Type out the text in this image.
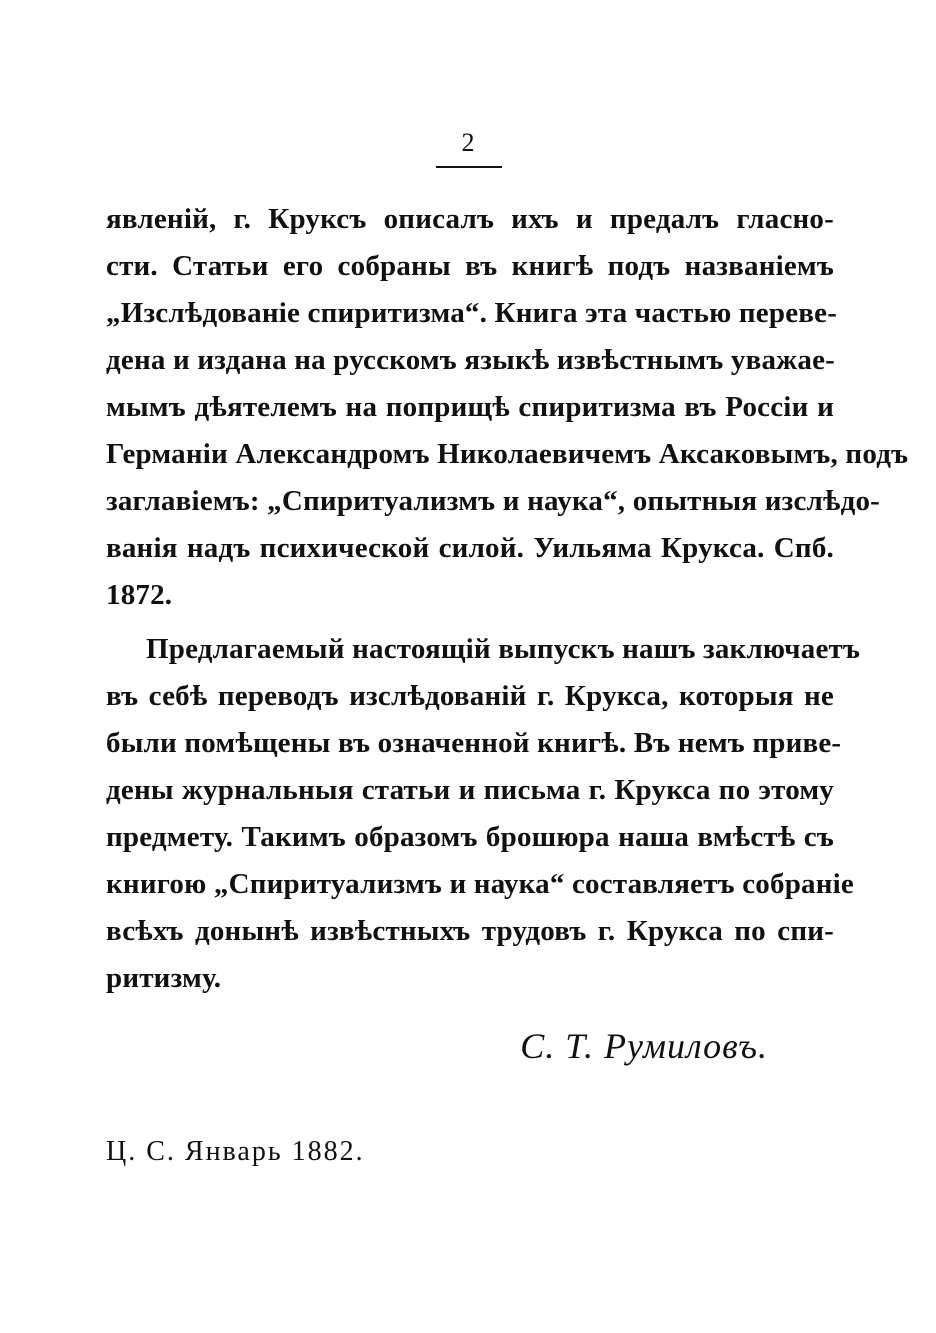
2
явленій, г. Круксъ описалъ ихъ и предалъ гласно-
сти. Статьи его собраны въ книгѣ подъ названіемъ
„Изслѣдованіе спиритизма“. Книга эта частью переве-
дена и издана на русскомъ языкѣ извѣстнымъ уважае-
мымъ дѣятелемъ на поприщѣ спиритизма въ Россіи и
Германіи Александромъ Николаевичемъ Аксаковымъ, подъ
заглавіемъ: „Спиритуализмъ и наука“, опытныя изслѣдо-
ванія надъ психической силой. Уильяма Крукса. Спб.
1872.
Предлагаемый настоящій выпускъ нашъ заключаетъ
въ себѣ переводъ изслѣдованій г. Крукса, которыя не
были помѣщены въ означенной книгѣ. Въ немъ приве-
дены журнальныя статьи и письма г. Крукса по этому
предмету. Такимъ образомъ брошюра наша вмѣстѣ съ
книгою „Спиритуализмъ и наука“ составляетъ собраніе
всѣхъ донынѣ извѣстныхъ трудовъ г. Крукса по спи-
ритизму.
С. Т. Румиловъ.
Ц. С. Январь 1882.
